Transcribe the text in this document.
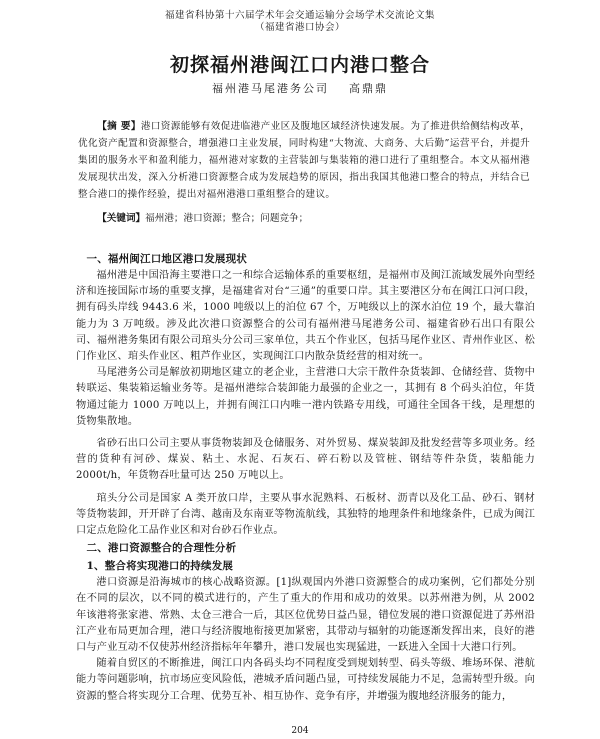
福建省科协第十六届学术年会交通运输分会场学术交流论文集
（福建省港口协会）
初探福州港闽江口内港口整合
福州港马尾港务公司 高鼎鼎

【摘 要】港口资源能够有效促进临港产业区及腹地区域经济快速发展。为了推进供给侧结构改革，优化资产配置和资源整合，增强港口主业发展，同时构建“大物流、大商务、大后勤”运营平台，并提升集团的服务水平和盈利能力，福州港对家数的主营装卸与集装箱的港口进行了重组整合。本文从福州港发展现状出发，深入分析港口资源整合成为发展趋势的原因，指出我国其他港口整合的特点，并结合已整合港口的操作经验，提出对福州港港口重组整合的建议。

【关键词】福州港；港口资源；整合；问题竞争；
一、福州闽江口地区港口发展现状

福州港是中国沿海主要港口之一和综合运输体系的重要枢纽，是福州市及闽江流域发展外向型经济和连接国际市场的重要支撑，是福建省对台“三通”的重要口岸。其主要港区分布在闽江口河口段，拥有码头岸线 9443.6 米，1000 吨级以上的泊位 67 个，万吨级以上的深水泊位 19 个，最大靠泊能力为 3 万吨级。涉及此次港口资源整合的公司有福州港马尾港务公司、福建省砂石出口有限公司、福州港务集团有限公司琯头分公司三家单位，共五个作业区，包括马尾作业区、青州作业区、松门作业区、琯头作业区、粗芦作业区，实现闽江口内散杂货经营的相对统一。

马尾港务公司是解放初期地区建立的老企业，主营港口大宗干散件杂货装卸、仓储经营、货物中转联运、集装箱运输业务等。是福州港综合装卸能力最强的企业之一，其拥有 8 个码头泊位，年货物通过能力 1000 万吨以上，并拥有闽江口内唯一港内铁路专用线，可通往全国各干线，是理想的货物集散地。

省砂石出口公司主要从事货物装卸及仓储服务、对外贸易、煤炭装卸及批发经营等多项业务。经营的货种有河砂、煤炭、粘土、水泥、石灰石、碎石粉以及管桩、钢结等件杂货，装船能力 2000t/h，年货物吞吐量可达 250 万吨以上。

琯头分公司是国家 A 类开放口岸，主要从事水泥熟料、石板材、沥青以及化工品、砂石、钢材等货物装卸，开开辟了台湾、越南及东南亚等物流航线，其独特的地理条件和地缘条件，已成为闽江口定点危险化工品作业区和对台砂石作业点。

二、港口资源整合的合理性分析
1、整合将实现港口的持续发展

港口资源是沿海城市的核心战略资源。[1]纵观国内外港口资源整合的成功案例，它们都处分别在不同的层次，以不同的模式进行的，产生了重大的作用和成功的效果。以苏州港为例，从 2002 年该港将张家港、常熟、太仓三港合一后，其区位优势日益凸显，错位发展的港口资源促进了苏州沿江产业布局更加合理，港口与经济腹地衔接更加紧密，其带动与辐射的功能逐渐发挥出来，良好的港口与产业互动不仅使苏州经济指标年年攀升，港口发展也实现猛进，一跃进入全国十大港口行列。

随着自贸区的不断推进，闽江口内各码头均不同程度受到规划转型、码头等级、堆场环保、港航能力等问题影响，抗市场应变风险低，港城矛盾问题凸显，可持续发展能力不足，急需转型升级。向资源的整合将实现分工合理、优势互补、相互协作、竞争有序，并增强为腹地经济服务的能力，

204
